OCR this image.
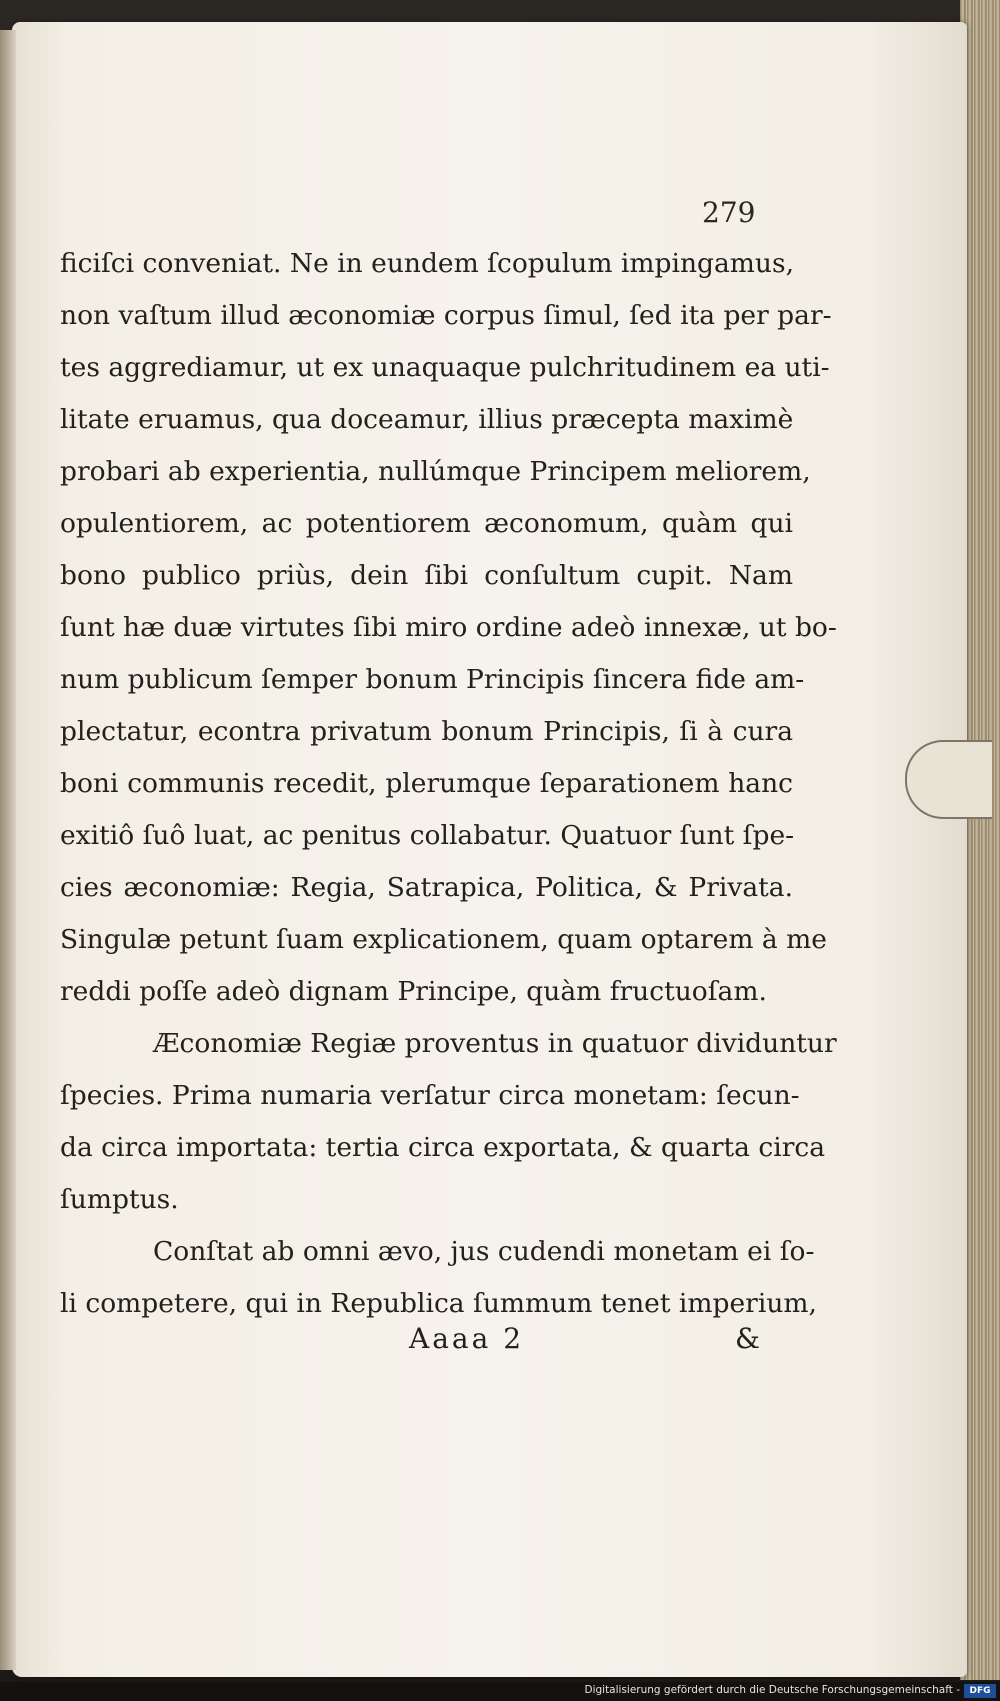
279
ficiſci conveniat. Ne in eundem ſcopulum impingamus,
non vaſtum illud æconomiæ corpus ſimul, ſed ita per par-
tes aggrediamur, ut ex unaquaque pulchritudinem ea uti-
litate eruamus, qua doceamur, illius præcepta maximè
probari ab experientia, nullúmque Principem meliorem,
opulentiorem, ac potentiorem æconomum, quàm qui
bono publico priùs, dein ſibi conſultum cupit. Nam
ſunt hæ duæ virtutes ſibi miro ordine adeò innexæ, ut bo-
num publicum ſemper bonum Principis ſincera fide am-
plectatur, econtra privatum bonum Principis, ſi à cura
boni communis recedit, plerumque ſeparationem hanc
exitiô ſuô luat, ac penitus collabatur. Quatuor ſunt ſpe-
cies æconomiæ: Regia, Satrapica, Politica, & Privata.
Singulæ petunt ſuam explicationem, quam optarem à me
reddi poſſe adeò dignam Principe, quàm fructuoſam.
Æconomiæ Regiæ proventus in quatuor dividuntur
ſpecies. Prima numaria verſatur circa monetam: ſecun-
da circa importata: tertia circa exportata, & quarta circa
ſumptus.
Conſtat ab omni ævo, jus cudendi monetam ei ſo-
li competere, qui in Republica ſummum tenet imperium,
Aaaa 2	&
Digitalisierung gefördert durch die Deutsche Forschungsgemeinschaft -	DFG
